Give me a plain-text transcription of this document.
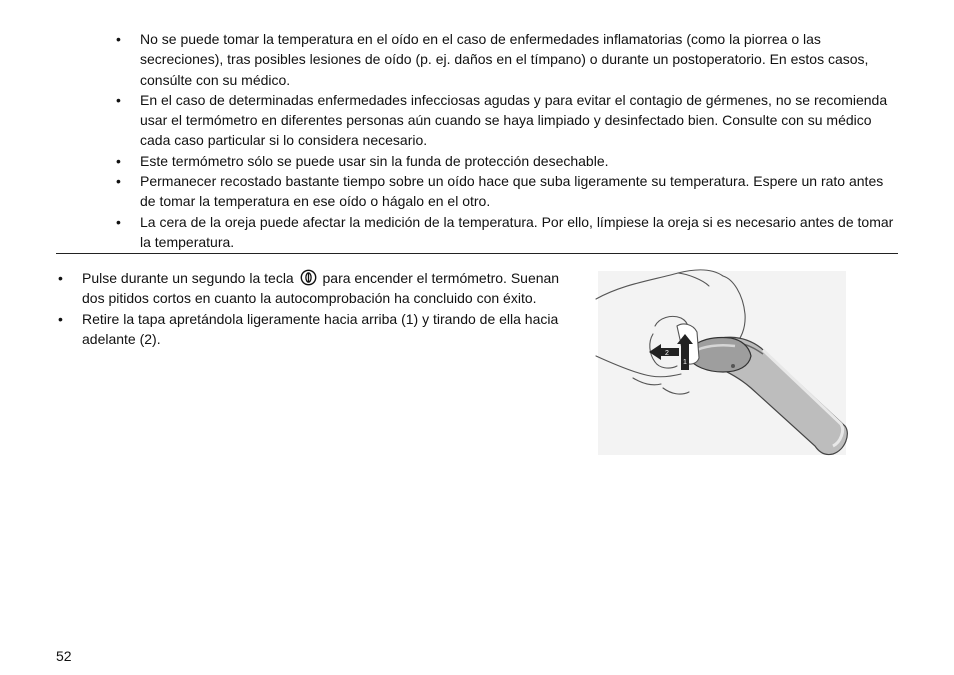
• No se puede tomar la temperatura en el oído en el caso de enfermedades inflamatorias (como la piorrea o las secreciones), tras posibles lesiones de oído (p. ej. daños en el tímpano) o durante un postoperatorio. En estos casos, consúlte con su médico.
• En el caso de determinadas enfermedades infecciosas agudas y para evitar el contagio de gérmenes, no se recomienda usar el termómetro en diferentes personas aún cuando se haya limpiado y desinfectado bien. Consulte con su médico cada caso particular si lo considera necesario.
• Este termómetro sólo se puede usar sin la funda de protección desechable.
• Permanecer recostado bastante tiempo sobre un oído hace que suba ligeramente su temperatura. Espere un rato antes de tomar la temperatura en ese oído o hágalo en el otro.
• La cera de la oreja puede afectar la medición de la temperatura. Por ello, límpiese la oreja si es necesario antes de tomar la temperatura.
• Pulse durante un segundo la tecla para encender el termómetro. Suenan dos pitidos cortos en cuanto la autocomprobación ha concluido con éxito.
• Retire la tapa apretándola ligeramente hacia arriba (1) y tirando de ella hacia adelante (2).
1
2
52
